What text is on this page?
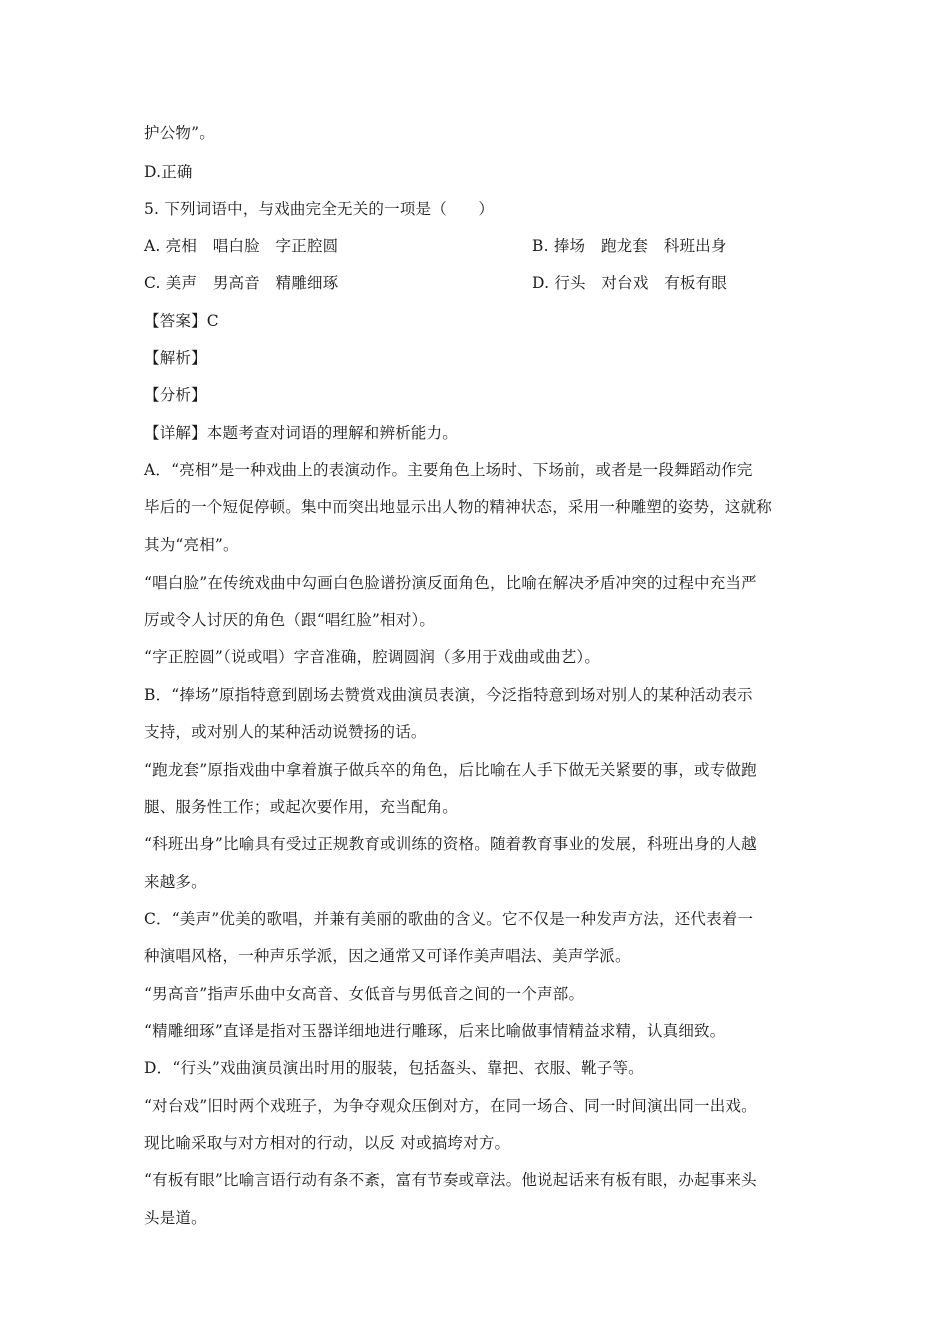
护公物”。
D.正确
5. 下列词语中，与戏曲完全无关的一项是（　　）
A. 亮相　唱白脸　字正腔圆	B. 捧场　跑龙套　科班出身
C. 美声　男高音　精雕细琢	D. 行头　对台戏　有板有眼
【答案】C
【解析】
【分析】
【详解】本题考查对词语的理解和辨析能力。
A．“亮相”是一种戏曲上的表演动作。主要角色上场时、下场前，或者是一段舞蹈动作完
毕后的一个短促停顿。集中而突出地显示出人物的精神状态，采用一种雕塑的姿势，这就称
其为“亮相”。
“唱白脸”在传统戏曲中勾画白色脸谱扮演反面角色，比喻在解决矛盾冲突的过程中充当严
厉或令人讨厌的角色（跟“唱红脸”相对）。
“字正腔圆”（说或唱）字音准确，腔调圆润（多用于戏曲或曲艺）。
B．“捧场”原指特意到剧场去赞赏戏曲演员表演，今泛指特意到场对别人的某种活动表示
支持，或对别人的某种活动说赞扬的话。
“跑龙套”原指戏曲中拿着旗子做兵卒的角色，后比喻在人手下做无关紧要的事，或专做跑
腿、服务性工作；或起次要作用，充当配角。
“科班出身”比喻具有受过正规教育或训练的资格。随着教育事业的发展，科班出身的人越
来越多。
C．“美声”优美的歌唱，并兼有美丽的歌曲的含义。它不仅是一种发声方法，还代表着一
种演唱风格，一种声乐学派，因之通常又可译作美声唱法、美声学派。
“男高音”指声乐曲中女高音、女低音与男低音之间的一个声部。
“精雕细琢”直译是指对玉器详细地进行雕琢，后来比喻做事情精益求精，认真细致。
D．“行头”戏曲演员演出时用的服装，包括盔头、靠把、衣服、靴子等。
“对台戏”旧时两个戏班子，为争夺观众压倒对方，在同一场合、同一时间演出同一出戏。
现比喻采取与对方相对的行动，以反 对或搞垮对方。
“有板有眼”比喻言语行动有条不紊，富有节奏或章法。他说起话来有板有眼，办起事来头
头是道。
